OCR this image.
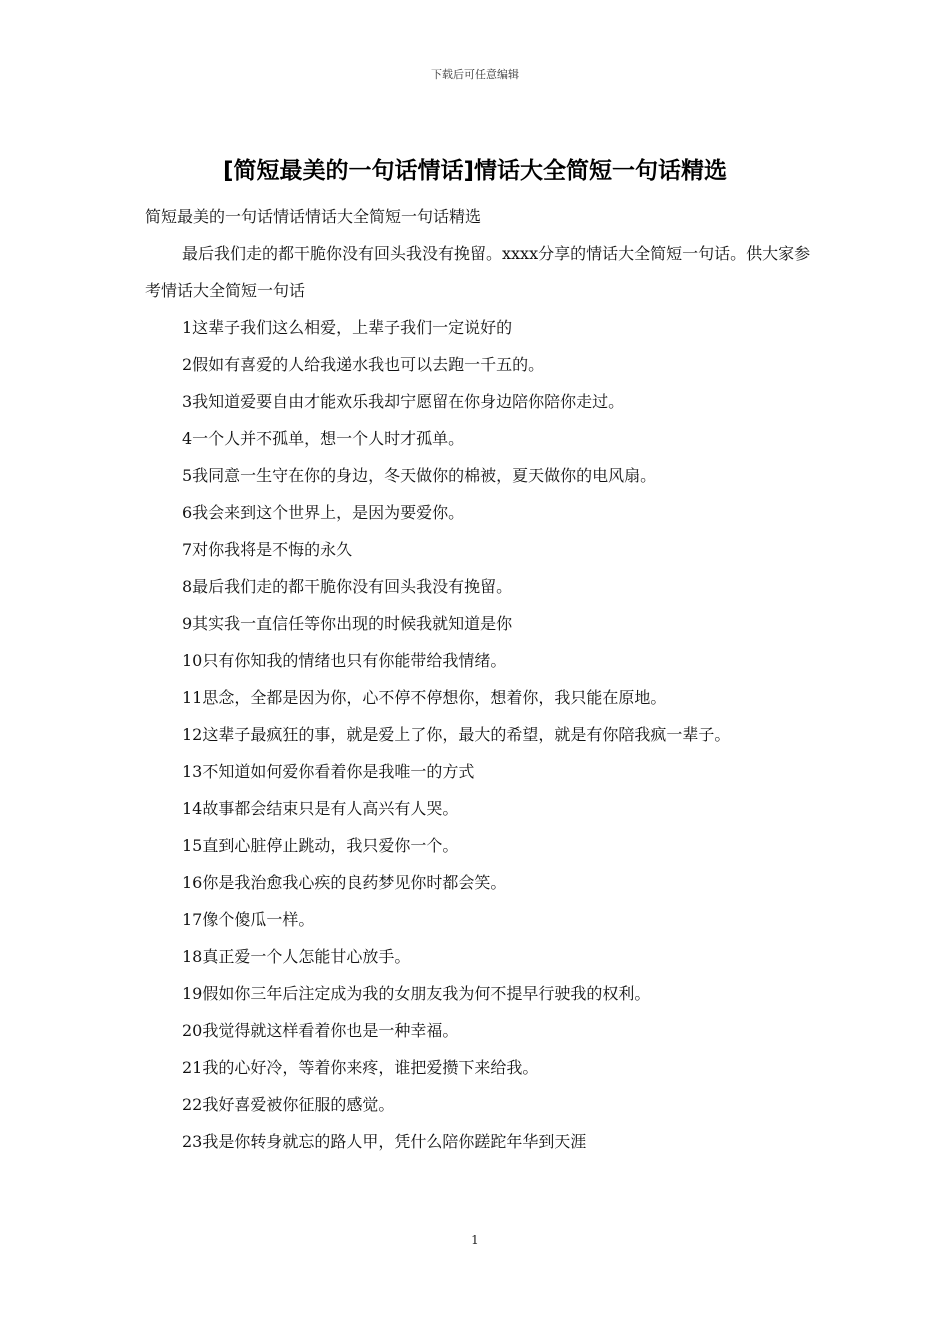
下载后可任意编辑
[简短最美的一句话情话]情话大全简短一句话精选

简短最美的一句话情话情话大全简短一句话精选

最后我们走的都干脆你没有回头我没有挽留。xxxx分享的情话大全简短一句话。供大家参考情话大全简短一句话

1这辈子我们这么相爱，上辈子我们一定说好的

2假如有喜爱的人给我递水我也可以去跑一千五的。

3我知道爱要自由才能欢乐我却宁愿留在你身边陪你陪你走过。

4一个人并不孤单，想一个人时才孤单。

5我同意一生守在你的身边，冬天做你的棉被，夏天做你的电风扇。

6我会来到这个世界上，是因为要爱你。

7对你我将是不悔的永久

8最后我们走的都干脆你没有回头我没有挽留。

9其实我一直信任等你出现的时候我就知道是你

10只有你知我的情绪也只有你能带给我情绪。

11思念，全都是因为你，心不停不停想你，想着你，我只能在原地。

12这辈子最疯狂的事，就是爱上了你，最大的希望，就是有你陪我疯一辈子。

13不知道如何爱你看着你是我唯一的方式

14故事都会结束只是有人高兴有人哭。

15直到心脏停止跳动，我只爱你一个。

16你是我治愈我心疾的良药梦见你时都会笑。

17像个傻瓜一样。

18真正爱一个人怎能甘心放手。

19假如你三年后注定成为我的女朋友我为何不提早行驶我的权利。

20我觉得就这样看着你也是一种幸福。

21我的心好冷，等着你来疼，谁把爱攒下来给我。

22我好喜爱被你征服的感觉。

23我是你转身就忘的路人甲，凭什么陪你蹉跎年华到天涯

1
